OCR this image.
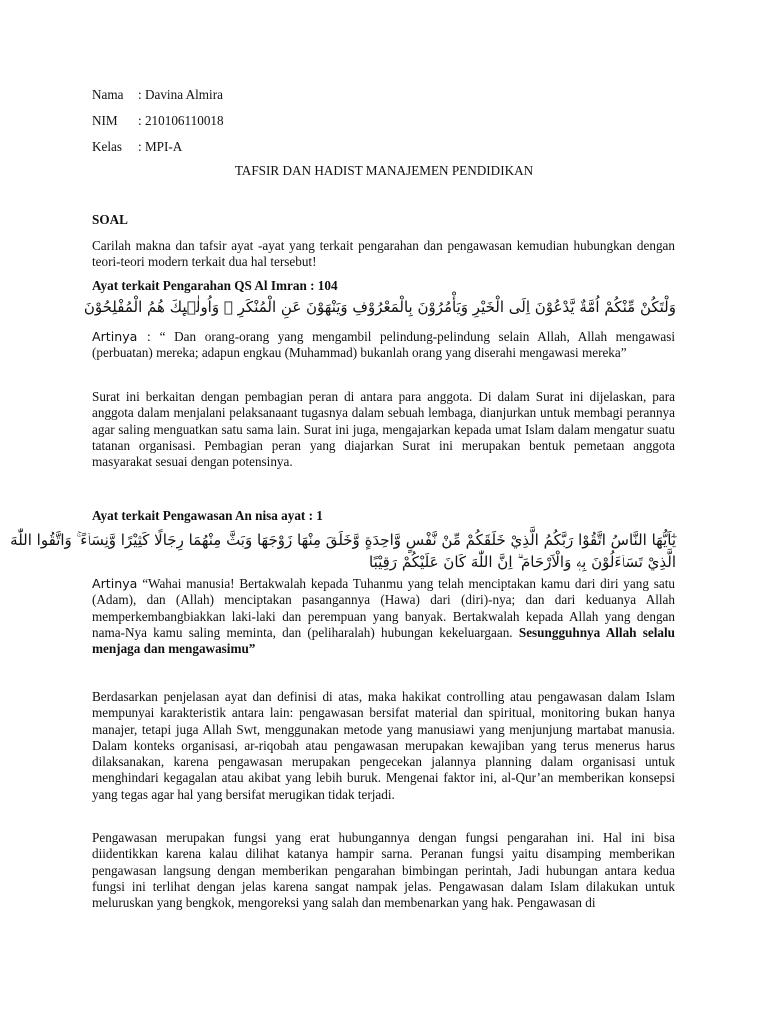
Nama : Davina Almira
NIM : 210106110018
Kelas : MPI-A
TAFSIR DAN HADIST MANAJEMEN PENDIDIKAN
SOAL
Carilah makna dan tafsir ayat -ayat yang terkait pengarahan dan pengawasan kemudian hubungkan dengan teori-teori modern terkait dua hal tersebut!
Ayat terkait Pengarahan QS Al Imran : 104
وَلْتَكُنْ مِّنْكُمْ اُمَّةٌ يَّدْعُوْنَ اِلَى الْخَيْرِ وَيَأْمُرُوْنَ بِالْمَعْرُوْفِ وَيَنْهَوْنَ عَنِ الْمُنْكَرِ ۗ وَاُولٰۤىِٕكَ هُمُ الْمُفْلِحُوْنَ
Artinya : “ Dan orang-orang yang mengambil pelindung-pelindung selain Allah, Allah mengawasi (perbuatan) mereka; adapun engkau (Muhammad) bukanlah orang yang diserahi mengawasi mereka”
Surat ini berkaitan dengan pembagian peran di antara para anggota. Di dalam Surat ini dijelaskan, para anggota dalam menjalani pelaksanaant tugasnya dalam sebuah lembaga, dianjurkan untuk membagi perannya agar saling menguatkan satu sama lain. Surat ini juga, mengajarkan kepada umat Islam dalam mengatur suatu tatanan organisasi. Pembagian peran yang diajarkan Surat ini merupakan bentuk pemetaan anggota masyarakat sesuai dengan potensinya.
Ayat terkait Pengawasan An nisa ayat : 1
يٰٓاَيُّهَا النَّاسُ اتَّقُوْا رَبَّكُمُ الَّذِيْ خَلَقَكُمْ مِّنْ نَّفْسٍ وَّاحِدَةٍ وَّخَلَقَ مِنْهَا زَوْجَهَا وَبَثَّ مِنْهُمَا رِجَالًا كَثِيْرًا وَّنِسَاۤءً ۚ وَاتَّقُوا اللّٰهَ
الَّذِيْ تَسَاۤءَلُوْنَ بِهٖ وَالْاَرْحَامَ ۗ اِنَّ اللّٰهَ كَانَ عَلَيْكُمْ رَقِيْبًا
Artinya “Wahai manusia! Bertakwalah kepada Tuhanmu yang telah menciptakan kamu dari diri yang satu (Adam), dan (Allah) menciptakan pasangannya (Hawa) dari (diri)-nya; dan dari keduanya Allah memperkembangbiakkan laki-laki dan perempuan yang banyak. Bertakwalah kepada Allah yang dengan nama-Nya kamu saling meminta, dan (peliharalah) hubungan kekeluargaan. Sesungguhnya Allah selalu menjaga dan mengawasimu”
Berdasarkan penjelasan ayat dan definisi di atas, maka hakikat controlling atau pengawasan dalam Islam mempunyai karakteristik antara lain: pengawasan bersifat material dan spiritual, monitoring bukan hanya manajer, tetapi juga Allah Swt, menggunakan metode yang manusiawi yang menjunjung martabat manusia. Dalam konteks organisasi, ar-riqobah atau pengawasan merupakan kewajiban yang terus menerus harus dilaksanakan, karena pengawasan merupakan pengecekan jalannya planning dalam organisasi untuk menghindari kegagalan atau akibat yang lebih buruk. Mengenai faktor ini, al-Qur’an memberikan konsepsi yang tegas agar hal yang bersifat merugikan tidak terjadi.
Pengawasan merupakan fungsi yang erat hubungannya dengan fungsi pengarahan ini. Hal ini bisa diidentikkan karena kalau dilihat katanya hampir sarna. Peranan fungsi yaitu disamping memberikan pengawasan langsung dengan memberikan pengarahan bimbingan perintah, Jadi hubungan antara kedua fungsi ini terlihat dengan jelas karena sangat nampak jelas. Pengawasan dalam Islam dilakukan untuk meluruskan yang bengkok, mengoreksi yang salah dan membenarkan yang hak. Pengawasan di
